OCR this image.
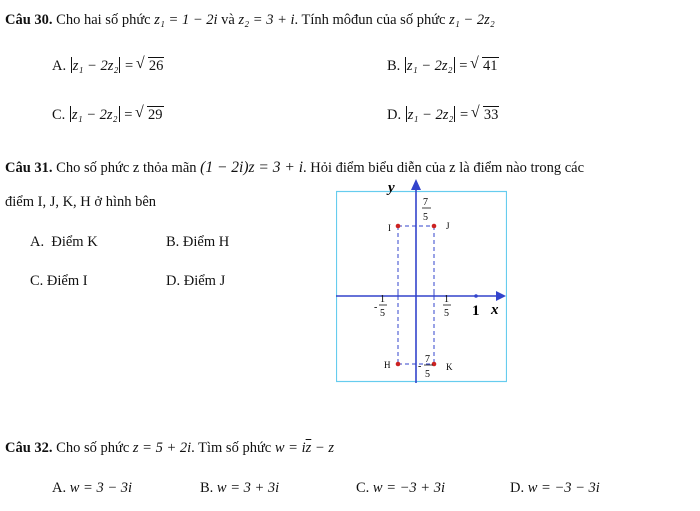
Câu 30. Cho hai số phức z₁ = 1 − 2i và z₂ = 3 + i. Tính môđun của số phức z₁ − 2z₂
A. z₁ − 2z₂ = √ 26	B. z₁ − 2z₂ = √ 41
C. z₁ − 2z₂ = √ 29	D. z₁ − 2z₂ = √ 33
Câu 31. Cho số phức z thỏa mãn (1 − 2i)z = 3 + i. Hỏi điểm biểu diễn của z là điểm nào trong các
điểm I, J, K, H ở hình bên
A. Điểm K	B. Điểm H
C. Điểm I	D. Điểm J
y
x
1
I	J
H	K
7
5
-
1
5
1
5
-
7
5
Câu 32. Cho số phức z = 5 + 2i. Tìm số phức $w = i\overline{z} - z$
A. w = 3 − 3i	B. w = 3 + 3i	C. w = −3 + 3i	D. w = −3 − 3i
